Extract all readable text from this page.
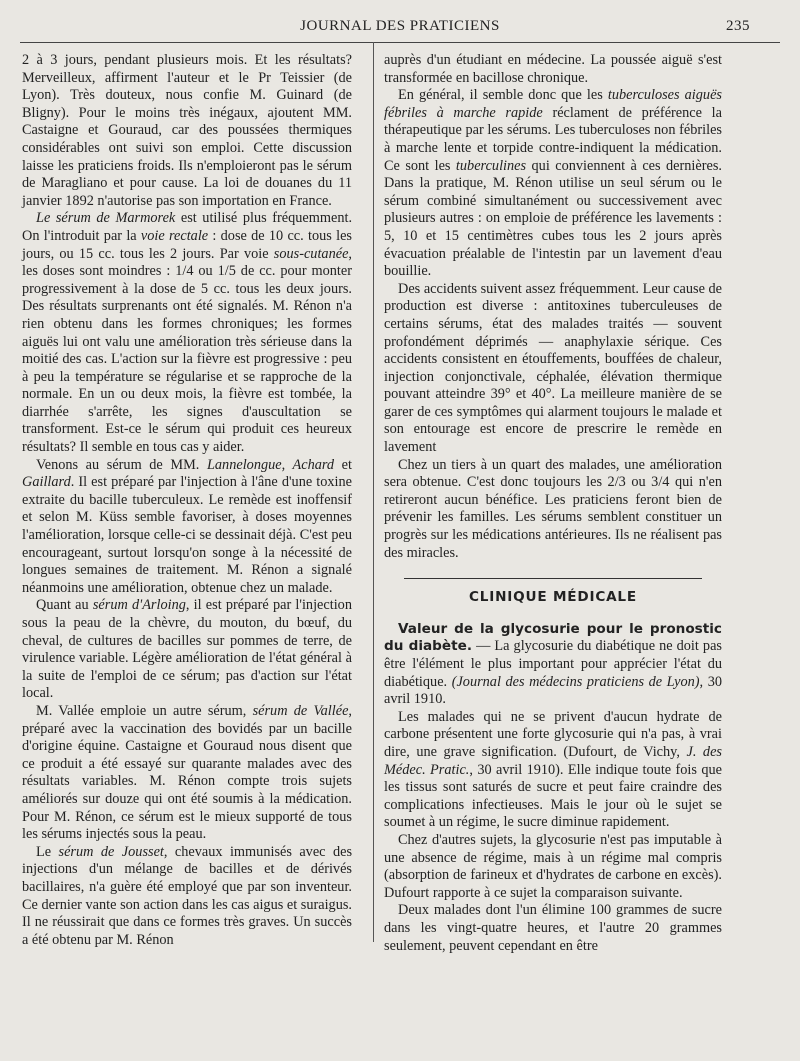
JOURNAL DES PRATICIENS	235

2 à 3 jours, pendant plusieurs mois. Et les résultats? Merveilleux, affirment l'auteur et le Pr Teissier (de Lyon). Très douteux, nous confie M. Guinard (de Bligny). Pour le moins très inégaux, ajoutent MM. Castaigne et Gouraud, car des poussées thermiques considérables ont suivi son emploi. Cette discussion laisse les praticiens froids. Ils n'emploieront pas le sérum de Maragliano et pour cause. La loi de douanes du 11 janvier 1892 n'autorise pas son importation en France.

Le sérum de Marmorek est utilisé plus fréquemment. On l'introduit par la voie rectale : dose de 10 cc. tous les jours, ou 15 cc. tous les 2 jours. Par voie sous-cutanée, les doses sont moindres : 1/4 ou 1/5 de cc. pour monter progressivement à la dose de 5 cc. tous les deux jours. Des résultats surprenants ont été signalés. M. Rénon n'a rien obtenu dans les formes chroniques; les formes aiguës lui ont valu une amélioration très sérieuse dans la moitié des cas. L'action sur la fièvre est progressive : peu à peu la température se régularise et se rapproche de la normale. En un ou deux mois, la fièvre est tombée, la diarrhée s'arrête, les signes d'auscultation se transforment. Est-ce le sérum qui produit ces heureux résultats? Il semble en tous cas y aider.

Venons au sérum de MM. Lannelongue, Achard et Gaillard. Il est préparé par l'injection à l'âne d'une toxine extraite du bacille tuberculeux. Le remède est inoffensif et selon M. Küss semble favoriser, à doses moyennes l'amélioration, lorsque celle-ci se dessinait déjà. C'est peu encourageant, surtout lorsqu'on songe à la nécessité de longues semaines de traitement. M. Rénon a signalé néanmoins une amélioration, obtenue chez un malade.

Quant au sérum d'Arloing, il est préparé par l'injection sous la peau de la chèvre, du mouton, du bœuf, du cheval, de cultures de bacilles sur pommes de terre, de virulence variable. Légère amélioration de l'état général à la suite de l'emploi de ce sérum; pas d'action sur l'état local.

M. Vallée emploie un autre sérum, sérum de Vallée, préparé avec la vaccination des bovidés par un bacille d'origine équine. Castaigne et Gouraud nous disent que ce produit a été essayé sur quarante malades avec des résultats variables. M. Rénon compte trois sujets améliorés sur douze qui ont été soumis à la médication. Pour M. Rénon, ce sérum est le mieux supporté de tous les sérums injectés sous la peau.

Le sérum de Jousset, chevaux immunisés avec des injections d'un mélange de bacilles et de dérivés bacillaires, n'a guère été employé que par son inventeur. Ce dernier vante son action dans les cas aigus et suraigus. Il ne réussirait que dans ce formes très graves. Un succès a été obtenu par M. Rénon

auprès d'un étudiant en médecine. La poussée aiguë s'est transformée en bacillose chronique.

En général, il semble donc que les tuberculoses aiguës fébriles à marche rapide réclament de préférence la thérapeutique par les sérums. Les tuberculoses non fébriles à marche lente et torpide contre-indiquent la médication. Ce sont les tuberculines qui conviennent à ces dernières. Dans la pratique, M. Rénon utilise un seul sérum ou le sérum combiné simultanément ou successivement avec plusieurs autres : on emploie de préférence les lavements : 5, 10 et 15 centimètres cubes tous les 2 jours après évacuation préalable de l'intestin par un lavement d'eau bouillie.

Des accidents suivent assez fréquemment. Leur cause de production est diverse : antitoxines tuberculeuses de certains sérums, état des malades traités — souvent profondément déprimés — anaphylaxie sérique. Ces accidents consistent en étouffements, bouffées de chaleur, injection conjonctivale, céphalée, élévation thermique pouvant atteindre 39° et 40°. La meilleure manière de se garer de ces symptômes qui alarment toujours le malade et son entourage est encore de prescrire le remède en lavement

Chez un tiers à un quart des malades, une amélioration sera obtenue. C'est donc toujours les 2/3 ou 3/4 qui n'en retireront aucun bénéfice. Les praticiens feront bien de prévenir les familles. Les sérums semblent constituer un progrès sur les médications antérieures. Ils ne réalisent pas des miracles.

CLINIQUE MÉDICALE

Valeur de la glycosurie pour le pronostic du diabète. — La glycosurie du diabétique ne doit pas être l'élément le plus important pour apprécier l'état du diabétique. (Journal des médecins praticiens de Lyon), 30 avril 1910.

Les malades qui ne se privent d'aucun hydrate de carbone présentent une forte glycosurie qui n'a pas, à vrai dire, une grave signification. (Dufourt, de Vichy, J. des Médec. Pratic., 30 avril 1910). Elle indique toute fois que les tissus sont saturés de sucre et peut faire craindre des complications infectieuses. Mais le jour où le sujet se soumet à un régime, le sucre diminue rapidement.

Chez d'autres sujets, la glycosurie n'est pas imputable à une absence de régime, mais à un régime mal compris (absorption de farineux et d'hydrates de carbone en excès). Dufourt rapporte à ce sujet la comparaison suivante.

Deux malades dont l'un élimine 100 grammes de sucre dans les vingt-quatre heures, et l'autre 20 grammes seulement, peuvent cependant en être
